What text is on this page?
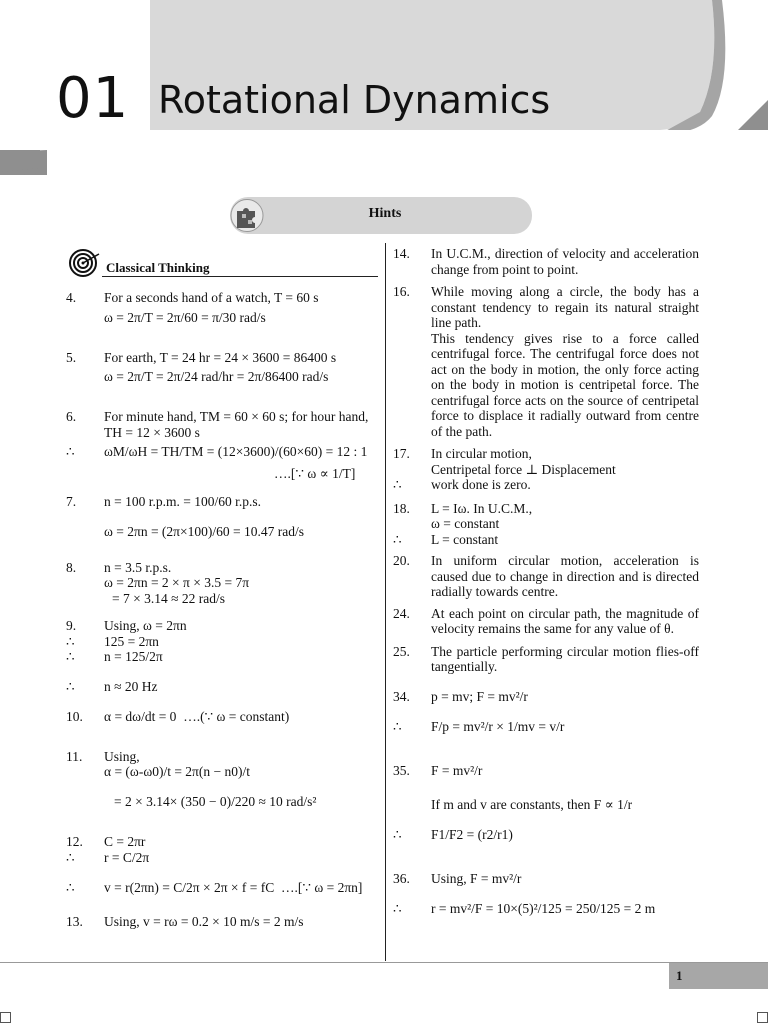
01 Rotational Dynamics
Hints
Classical Thinking
4.	For a seconds hand of a watch, T = 60 s
ω = 2π/T = 2π/60 = π/30 rad/s
5.	For earth, T = 24 hr = 24 × 3600 = 86400 s
ω = 2π/T = 2π/24 rad/hr = 2π/86400 rad/s
6.	For minute hand, TM = 60 × 60 s; for hour hand,
TH = 12 × 3600 s
∴ ωM/ωH = TH/TM = (12×3600)/(60×60) = 12 : 1
….[∵ ω ∝ 1/T]
7.	n = 100 r.p.m. = 100/60 r.p.s.
ω = 2πn = (2π×100)/60 = 10.47 rad/s
8.	n = 3.5 r.p.s.
ω = 2πn = 2 × π × 3.5 = 7π
= 7 × 3.14 ≈ 22 rad/s
9.	Using, ω = 2πn
∴ 125 = 2πn
∴ n = 125/2π
∴ n ≈ 20 Hz
10.	α = dω/dt = 0 ….(∵ ω = constant)
11.	Using,
α = (ω-ω0)/t = 2π(n − n0)/t
= 2 × 3.14× (350 − 0)/220 ≈ 10 rad/s²
12.	C = 2πr
∴ r = C/2π
∴ v = r(2πn) = C/2π × 2π × f = fC ….[∵ ω = 2πn]
13.	Using, v = rω = 0.2 × 10 m/s = 2 m/s
14.	In U.C.M., direction of velocity and acceleration change from point to point.
16.	While moving along a circle, the body has a constant tendency to regain its natural straight line path.
This tendency gives rise to a force called centrifugal force. The centrifugal force does not act on the body in motion, the only force acting on the body in motion is centripetal force. The centrifugal force acts on the source of centripetal force to displace it radially outward from centre of the path.
17.	In circular motion,
Centripetal force ⊥ Displacement
∴ work done is zero.
18.	L = Iω. In U.C.M.,
ω = constant
∴ L = constant
20.	In uniform circular motion, acceleration is caused due to change in direction and is directed radially towards centre.
24.	At each point on circular path, the magnitude of velocity remains the same for any value of θ.
25.	The particle performing circular motion flies-off tangentially.
34.	p = mv; F = mv²/r
∴ F/p = mv²/r × 1/mv = v/r
35.	F = mv²/r
If m and v are constants, then F ∝ 1/r
∴ F1/F2 = (r2/r1)
36.	Using, F = mv²/r
∴ r = mv²/F = 10×(5)²/125 = 250/125 = 2 m
1
